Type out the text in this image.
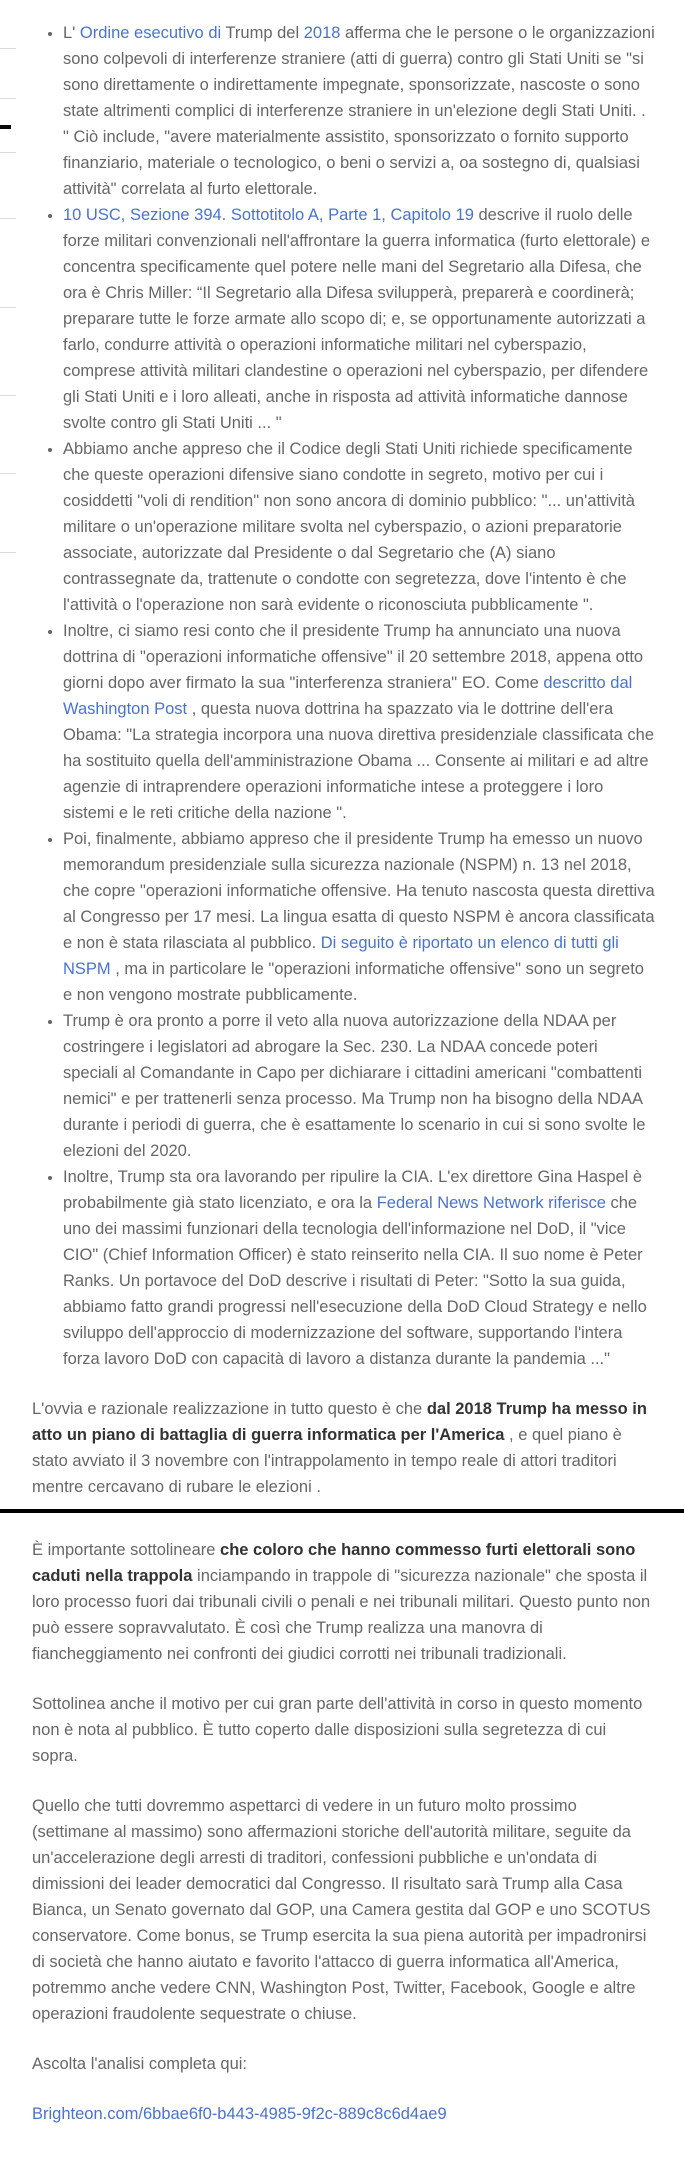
• L' Ordine esecutivo di Trump del 2018 afferma che le persone o le organizzazioni sono colpevoli di interferenze straniere (atti di guerra) contro gli Stati Uniti se "si sono direttamente o indirettamente impegnate, sponsorizzate, nascoste o sono state altrimenti complici di interferenze straniere in un'elezione degli Stati Uniti. . " Ciò include, "avere materialmente assistito, sponsorizzato o fornito supporto finanziario, materiale o tecnologico, o beni o servizi a, oa sostegno di, qualsiasi attività" correlata al furto elettorale.
• 10 USC, Sezione 394. Sottotitolo A, Parte 1, Capitolo 19 descrive il ruolo delle forze militari convenzionali nell'affrontare la guerra informatica (furto elettorale) e concentra specificamente quel potere nelle mani del Segretario alla Difesa, che ora è Chris Miller: “Il Segretario alla Difesa svilupperà, preparerà e coordinerà; preparare tutte le forze armate allo scopo di; e, se opportunamente autorizzati a farlo, condurre attività o operazioni informatiche militari nel cyberspazio, comprese attività militari clandestine o operazioni nel cyberspazio, per difendere gli Stati Uniti e i loro alleati, anche in risposta ad attività informatiche dannose svolte contro gli Stati Uniti ... "
• Abbiamo anche appreso che il Codice degli Stati Uniti richiede specificamente che queste operazioni difensive siano condotte in segreto, motivo per cui i cosiddetti "voli di rendition" non sono ancora di dominio pubblico: "... un'attività militare o un'operazione militare svolta nel cyberspazio, o azioni preparatorie associate, autorizzate dal Presidente o dal Segretario che (A) siano contrassegnate da, trattenute o condotte con segretezza, dove l'intento è che l'attività o l'operazione non sarà evidente o riconosciuta pubblicamente ".
• Inoltre, ci siamo resi conto che il presidente Trump ha annunciato una nuova dottrina di "operazioni informatiche offensive" il 20 settembre 2018, appena otto giorni dopo aver firmato la sua "interferenza straniera" EO. Come descritto dal Washington Post , questa nuova dottrina ha spazzato via le dottrine dell'era Obama: "La strategia incorpora una nuova direttiva presidenziale classificata che ha sostituito quella dell'amministrazione Obama ... Consente ai militari e ad altre agenzie di intraprendere operazioni informatiche intese a proteggere i loro sistemi e le reti critiche della nazione ".
• Poi, finalmente, abbiamo appreso che il presidente Trump ha emesso un nuovo memorandum presidenziale sulla sicurezza nazionale (NSPM) n. 13 nel 2018, che copre "operazioni informatiche offensive. Ha tenuto nascosta questa direttiva al Congresso per 17 mesi. La lingua esatta di questo NSPM è ancora classificata e non è stata rilasciata al pubblico. Di seguito è riportato un elenco di tutti gli NSPM , ma in particolare le "operazioni informatiche offensive" sono un segreto e non vengono mostrate pubblicamente.
• Trump è ora pronto a porre il veto alla nuova autorizzazione della NDAA per costringere i legislatori ad abrogare la Sec. 230. La NDAA concede poteri speciali al Comandante in Capo per dichiarare i cittadini americani "combattenti nemici" e per trattenerli senza processo. Ma Trump non ha bisogno della NDAA durante i periodi di guerra, che è esattamente lo scenario in cui si sono svolte le elezioni del 2020.
• Inoltre, Trump sta ora lavorando per ripulire la CIA. L'ex direttore Gina Haspel è probabilmente già stato licenziato, e ora la Federal News Network riferisce che uno dei massimi funzionari della tecnologia dell'informazione nel DoD, il "vice CIO" (Chief Information Officer) è stato reinserito nella CIA. Il suo nome è Peter Ranks. Un portavoce del DoD descrive i risultati di Peter: "Sotto la sua guida, abbiamo fatto grandi progressi nell'esecuzione della DoD Cloud Strategy e nello sviluppo dell'approccio di modernizzazione del software, supportando l'intera forza lavoro DoD con capacità di lavoro a distanza durante la pandemia ..."

L'ovvia e razionale realizzazione in tutto questo è che dal 2018 Trump ha messo in atto un piano di battaglia di guerra informatica per l'America , e quel piano è stato avviato il 3 novembre con l'intrappolamento in tempo reale di attori traditori mentre cercavano di rubare le elezioni .

È importante sottolineare che coloro che hanno commesso furti elettorali sono caduti nella trappola inciampando in trappole di "sicurezza nazionale" che sposta il loro processo fuori dai tribunali civili o penali e nei tribunali militari. Questo punto non può essere sopravvalutato. È così che Trump realizza una manovra di fiancheggiamento nei confronti dei giudici corrotti nei tribunali tradizionali.

Sottolinea anche il motivo per cui gran parte dell'attività in corso in questo momento non è nota al pubblico. È tutto coperto dalle disposizioni sulla segretezza di cui sopra.

Quello che tutti dovremmo aspettarci di vedere in un futuro molto prossimo (settimane al massimo) sono affermazioni storiche dell'autorità militare, seguite da un'accelerazione degli arresti di traditori, confessioni pubbliche e un'ondata di dimissioni dei leader democratici dal Congresso. Il risultato sarà Trump alla Casa Bianca, un Senato governato dal GOP, una Camera gestita dal GOP e uno SCOTUS conservatore. Come bonus, se Trump esercita la sua piena autorità per impadronirsi di società che hanno aiutato e favorito l'attacco di guerra informatica all'America, potremmo anche vedere CNN, Washington Post, Twitter, Facebook, Google e altre operazioni fraudolente sequestrate o chiuse.

Ascolta l'analisi completa qui:

Brighteon.com/6bbae6f0-b443-4985-9f2c-889c8c6d4ae9
